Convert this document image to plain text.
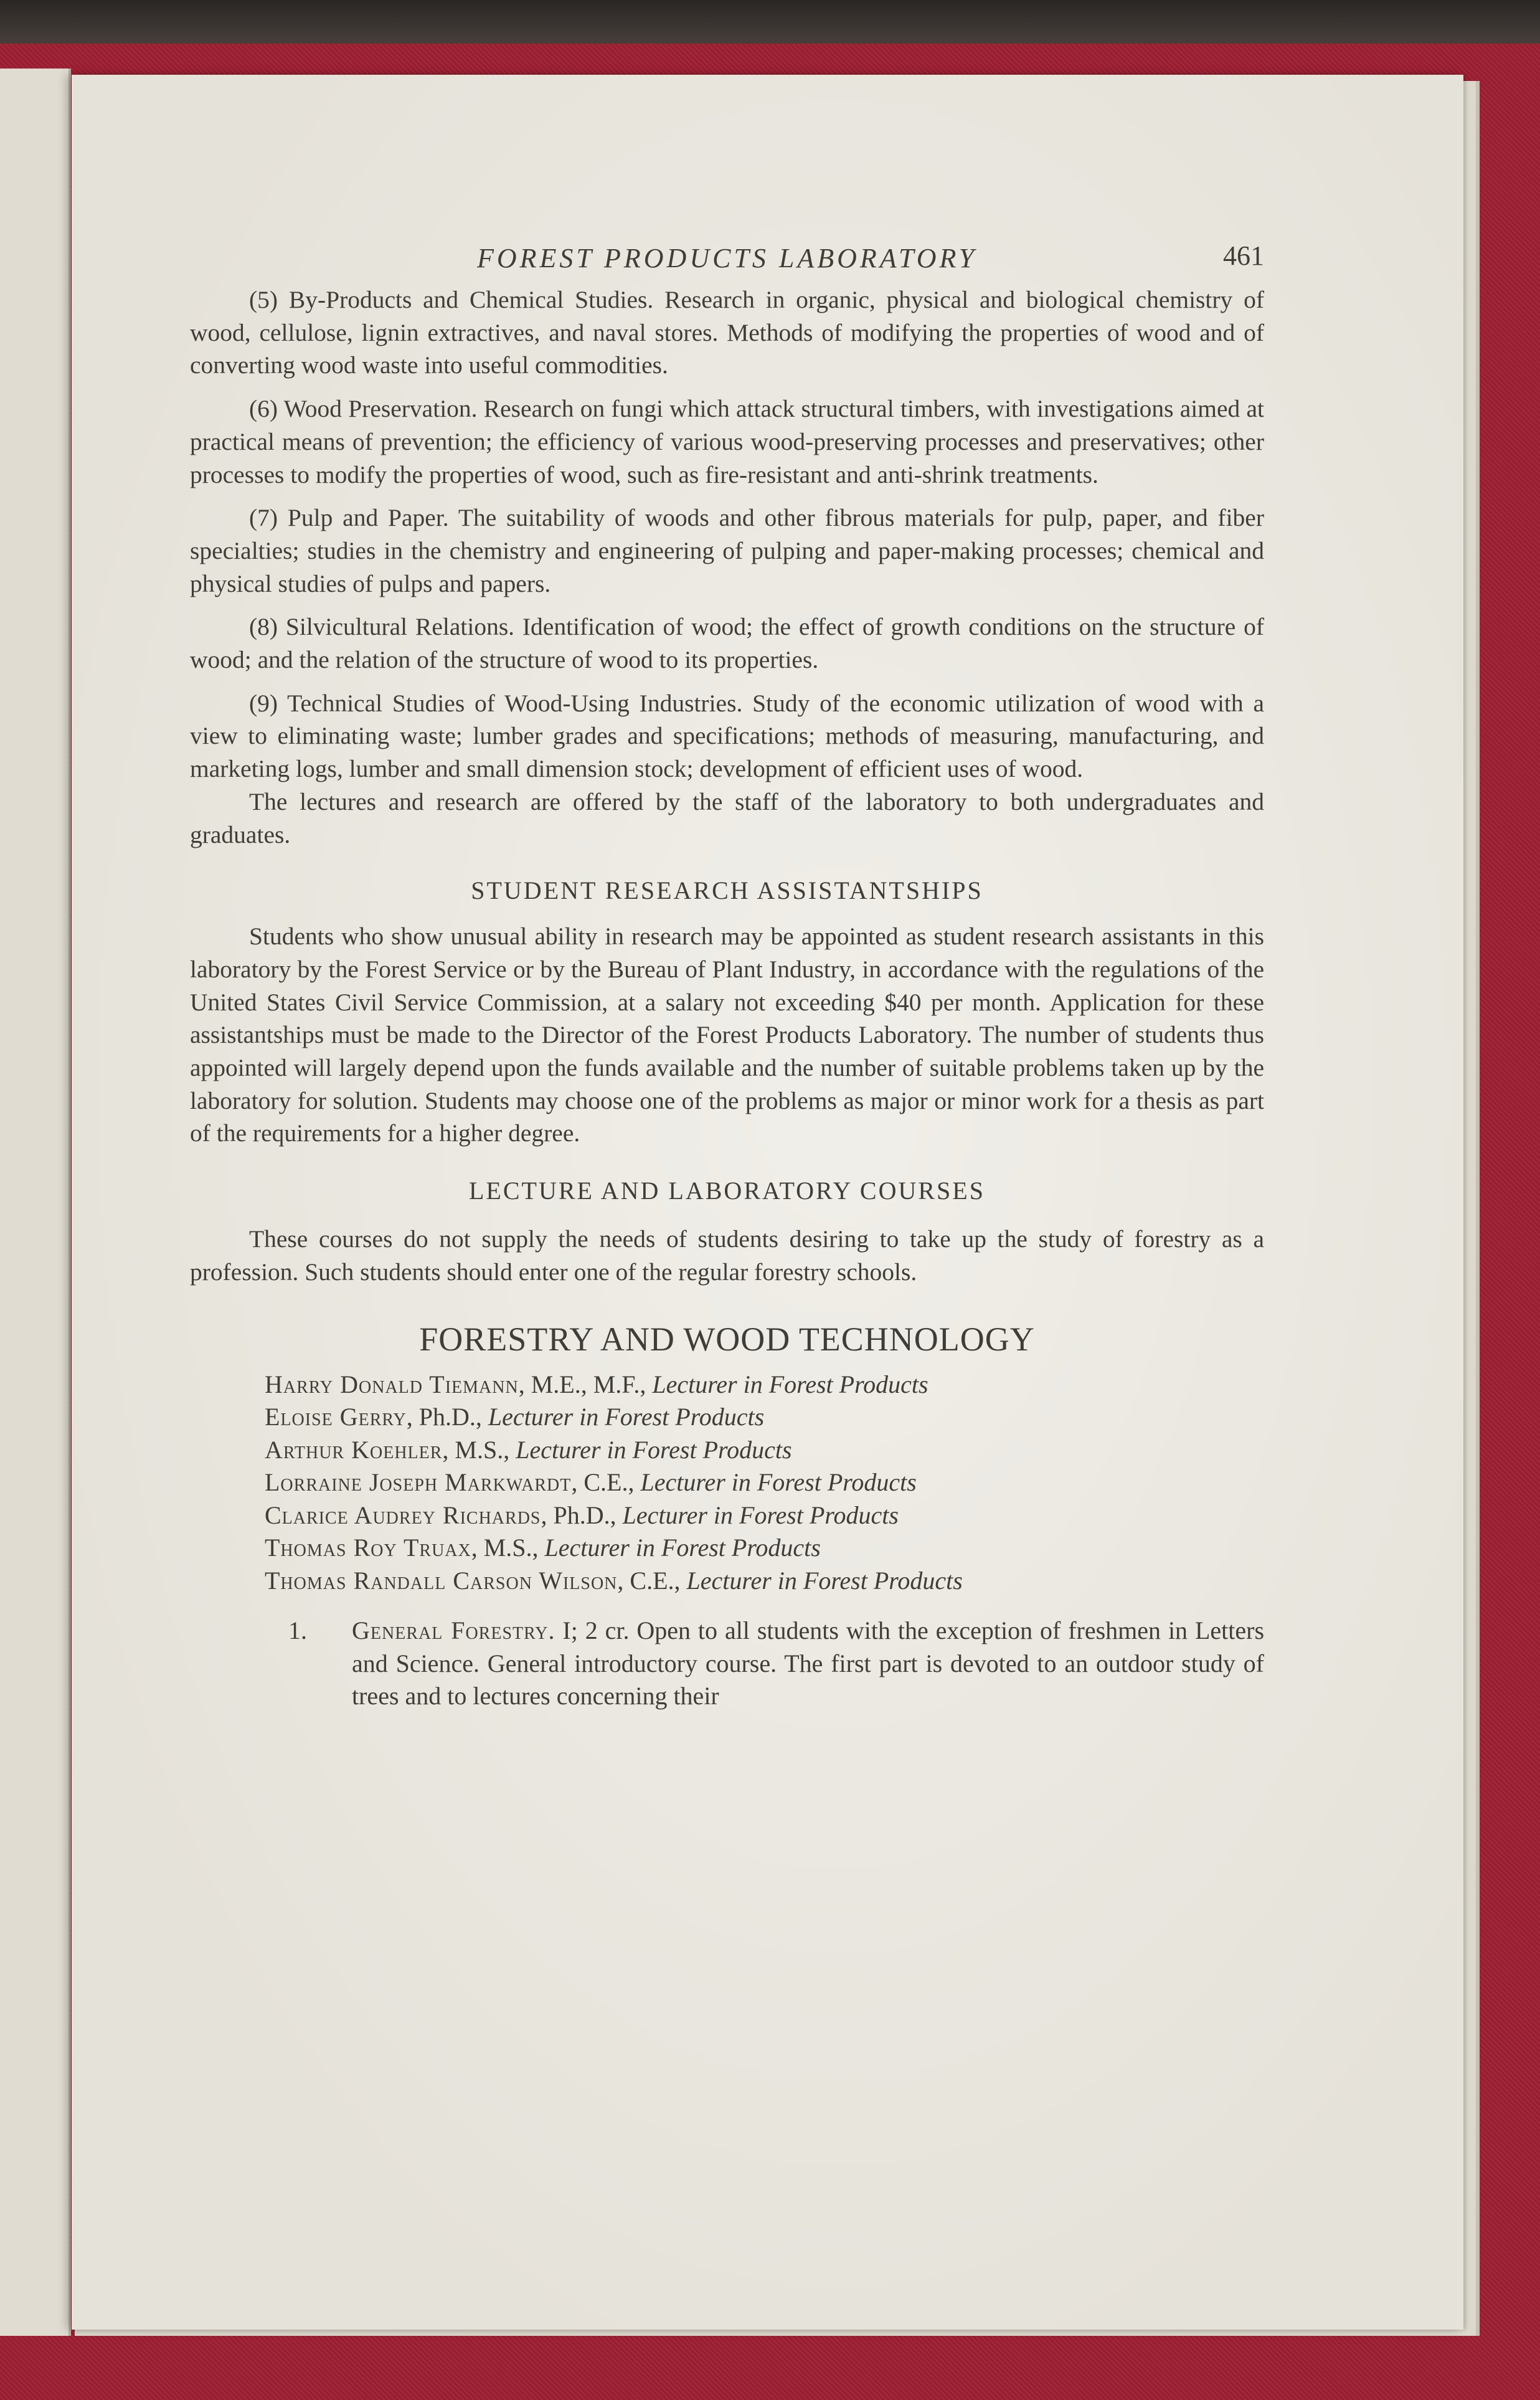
FOREST PRODUCTS LABORATORY	461

(5) By-Products and Chemical Studies. Research in organic, physical and biological chemistry of wood, cellulose, lignin extractives, and naval stores. Methods of modifying the properties of wood and of converting wood waste into useful commodities.

(6) Wood Preservation. Research on fungi which attack structural timbers, with investigations aimed at practical means of prevention; the efficiency of various wood-preserving processes and preservatives; other processes to modify the properties of wood, such as fire-resistant and anti-shrink treatments.

(7) Pulp and Paper. The suitability of woods and other fibrous materials for pulp, paper, and fiber specialties; studies in the chemistry and engineering of pulping and paper-making processes; chemical and physical studies of pulps and papers.

(8) Silvicultural Relations. Identification of wood; the effect of growth conditions on the structure of wood; and the relation of the structure of wood to its properties.

(9) Technical Studies of Wood-Using Industries. Study of the economic utilization of wood with a view to eliminating waste; lumber grades and specifications; methods of measuring, manufacturing, and marketing logs, lumber and small dimension stock; development of efficient uses of wood.

The lectures and research are offered by the staff of the laboratory to both undergraduates and graduates.

STUDENT RESEARCH ASSISTANTSHIPS

Students who show unusual ability in research may be appointed as student research assistants in this laboratory by the Forest Service or by the Bureau of Plant Industry, in accordance with the regulations of the United States Civil Service Commission, at a salary not exceeding $40 per month. Application for these assistantships must be made to the Director of the Forest Products Laboratory. The number of students thus appointed will largely depend upon the funds available and the number of suitable problems taken up by the laboratory for solution. Students may choose one of the problems as major or minor work for a thesis as part of the requirements for a higher degree.

LECTURE AND LABORATORY COURSES

These courses do not supply the needs of students desiring to take up the study of forestry as a profession. Such students should enter one of the regular forestry schools.

FORESTRY AND WOOD TECHNOLOGY
Harry Donald Tiemann, M.E., M.F., Lecturer in Forest Products
Eloise Gerry, Ph.D., Lecturer in Forest Products
Arthur Koehler, M.S., Lecturer in Forest Products
Lorraine Joseph Markwardt, C.E., Lecturer in Forest Products
Clarice Audrey Richards, Ph.D., Lecturer in Forest Products
Thomas Roy Truax, M.S., Lecturer in Forest Products
Thomas Randall Carson Wilson, C.E., Lecturer in Forest Products
1.	General Forestry. I; 2 cr. Open to all students with the exception of freshmen in Letters and Science. General introductory course. The first part is devoted to an outdoor study of trees and to lectures concerning their
